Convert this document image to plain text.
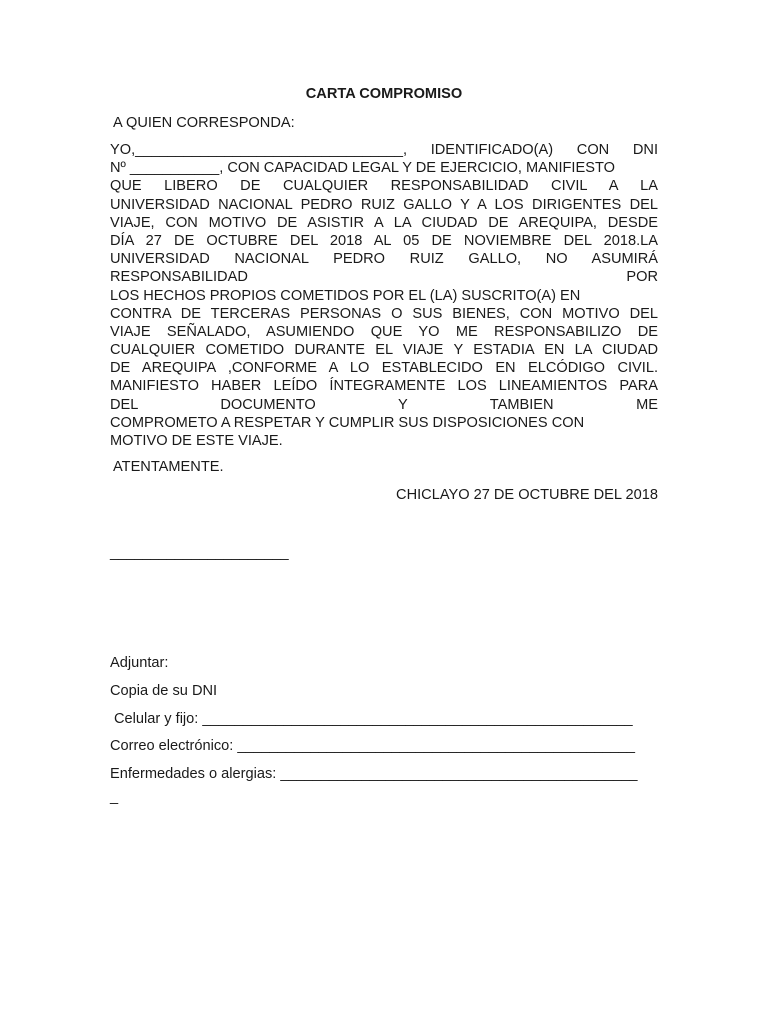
CARTA COMPROMISO
A QUIEN CORRESPONDA:
YO,_________________________________, IDENTIFICADO(A) CON DNI
Nº ___________, CON CAPACIDAD LEGAL Y DE EJERCICIO, MANIFIESTO
QUE LIBERO DE CUALQUIER RESPONSABILIDAD CIVIL A LA
UNIVERSIDAD NACIONAL PEDRO RUIZ GALLO Y A LOS DIRIGENTES DEL
VIAJE, CON MOTIVO DE ASISTIR A LA CIUDAD DE AREQUIPA, DESDE
DÍA 27 DE OCTUBRE DEL 2018 AL 05 DE NOVIEMBRE DEL 2018.LA
UNIVERSIDAD NACIONAL PEDRO RUIZ GALLO, NO ASUMIRÁ
RESPONSABILIDAD POR
LOS HECHOS PROPIOS COMETIDOS POR EL (LA) SUSCRITO(A) EN
CONTRA DE TERCERAS PERSONAS O SUS BIENES, CON MOTIVO DEL
VIAJE SEÑALADO, ASUMIENDO QUE YO ME RESPONSABILIZO DE
CUALQUIER COMETIDO DURANTE EL VIAJE Y ESTADIA EN LA CIUDAD
DE AREQUIPA ,CONFORME A LO ESTABLECIDO EN ELCÓDIGO CIVIL.
MANIFIESTO HABER LEÍDO ÍNTEGRAMENTE LOS LINEAMIENTOS PARA
DEL DOCUMENTO Y TAMBIEN ME
COMPROMETO A RESPETAR Y CUMPLIR SUS DISPOSICIONES CON
MOTIVO DE ESTE VIAJE.
ATENTAMENTE.
CHICLAYO 27 DE OCTUBRE DEL 2018
______________________
Adjuntar:
Copia de su DNI
Celular y fijo: _____________________________________________________
Correo electrónico: _________________________________________________
Enfermedades o alergias: ____________________________________________
_
